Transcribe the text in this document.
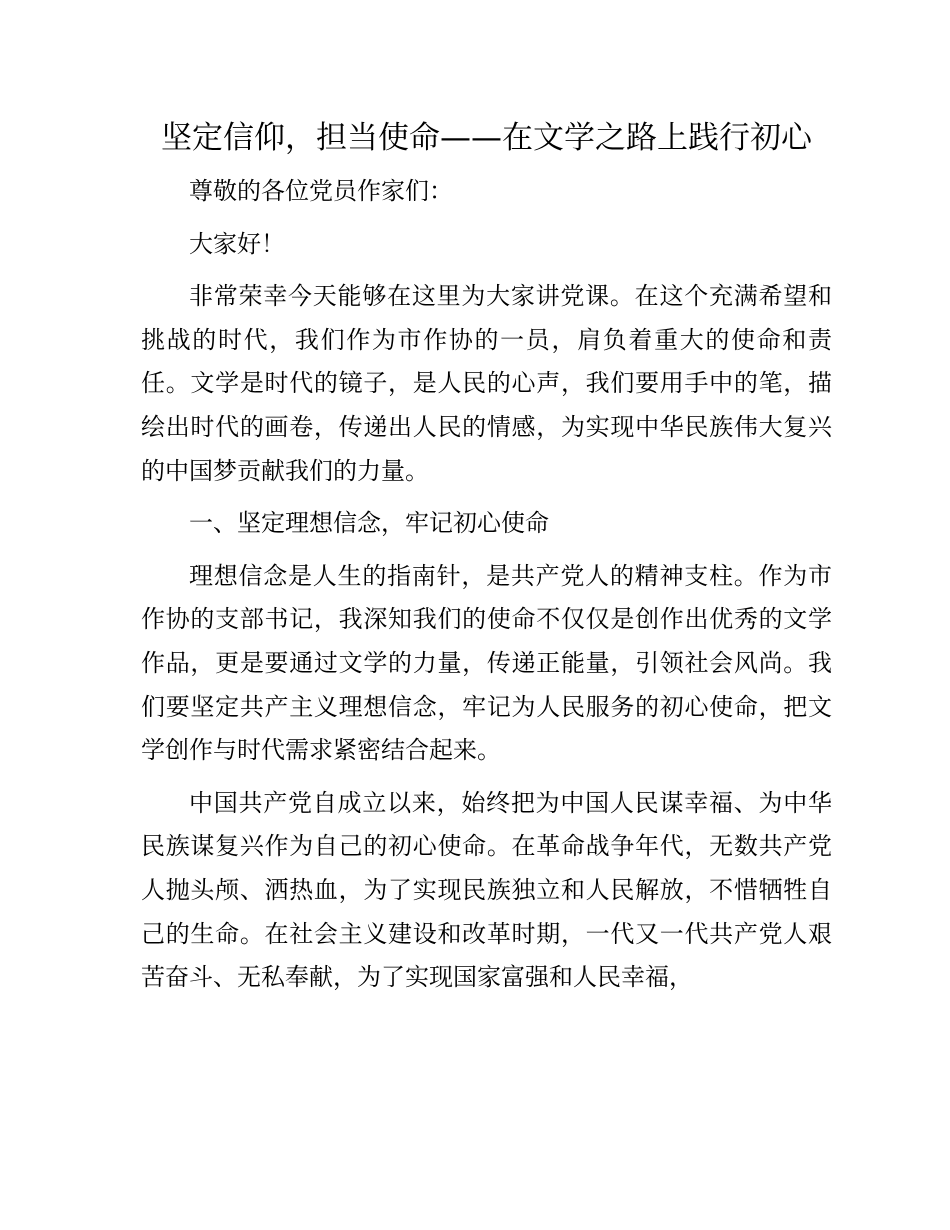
坚定信仰，担当使命——在文学之路上践行初心

尊敬的各位党员作家们：

大家好！

非常荣幸今天能够在这里为大家讲党课。在这个充满希望和挑战的时代，我们作为市作协的一员，肩负着重大的使命和责任。文学是时代的镜子，是人民的心声，我们要用手中的笔，描绘出时代的画卷，传递出人民的情感，为实现中华民族伟大复兴的中国梦贡献我们的力量。

一、坚定理想信念，牢记初心使命

理想信念是人生的指南针，是共产党人的精神支柱。作为市作协的支部书记，我深知我们的使命不仅仅是创作出优秀的文学作品，更是要通过文学的力量，传递正能量，引领社会风尚。我们要坚定共产主义理想信念，牢记为人民服务的初心使命，把文学创作与时代需求紧密结合起来。

中国共产党自成立以来，始终把为中国人民谋幸福、为中华民族谋复兴作为自己的初心使命。在革命战争年代，无数共产党人抛头颅、洒热血，为了实现民族独立和人民解放，不惜牺牲自己的生命。在社会主义建设和改革时期，一代又一代共产党人艰苦奋斗、无私奉献，为了实现国家富强和人民幸福，
